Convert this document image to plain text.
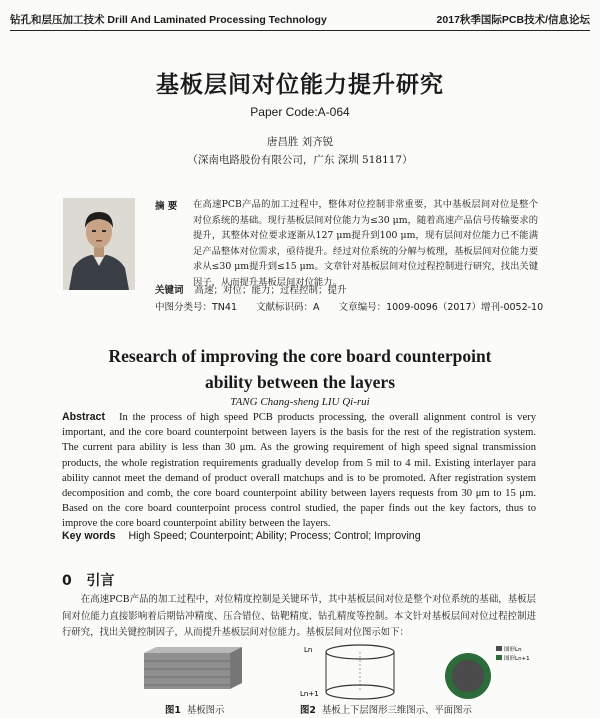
钻孔和层压加工技术 Drill And Laminated Processing Technology	2017秋季国际PCB技术/信息论坛
基板层间对位能力提升研究
Paper Code:A-064
唐昌胜 刘齐锐
（深南电路股份有限公司，广东 深圳 518117）
摘 要 在高速PCB产品的加工过程中，整体对位控制非常重要，其中基板层间对位是整个对位系统的基础。现行基板层间对位能力为≤30 μm，随着高速产品信号传输要求的提升，其整体对位要求逐渐从127 μm提升到100 μm，现有层间对位能力已不能满足产品整体对位需求，亟待提升。经过对位系统的分解与梳理，基板层间对位能力要求从≤30 μm提升到≤15 μm。文章针对基板层间对位过程控制进行研究，找出关键因子，从而提升基板层间对位能力。
关键词 高速；对位；能力；过程控制；提升
中图分类号：TN41 文献标识码：A 文章编号：1009-0096（2017）增刊-0052-10
Research of improving the core board counterpoint
ability between the layers
TANG Chang-sheng LIU Qi-rui
Abstract In the process of high speed PCB products processing, the overall alignment control is very important, and the core board counterpoint between layers is the basis for the rest of the registration system. The current para ability is less than 30 μm. As the growing requirement of high speed signal transmission products, the whole registration requirements gradually develop from 5 mil to 4 mil. Existing interlayer para ability cannot meet the demand of product overall matchups and is to be promoted. After registration system decomposition and comb, the core board counterpoint ability between layers requests from 30 μm to 15 μm. Based on the core board counterpoint process control studied, the paper finds out the key factors, thus to improve the core board counterpoint ability between the layers.
Key words High Speed; Counterpoint; Ability; Process; Control; Improving
0 引言
在高速PCB产品的加工过程中，对位精度控制是关键环节，其中基板层间对位是整个对位系统的基础，基板层间对位能力直接影响着后期钻冲精度、压合错位、钻靶精度、钻孔精度等控制。本文针对基板层间对位过程控制进行研究，找出关键控制因子，从而提升基板层间对位能力。基板层间对位图示如下：
Ln
Ln+1
图形Ln
图形Ln+1
图1 基板图示	图2 基板上下层图形三维图示、平面图示
